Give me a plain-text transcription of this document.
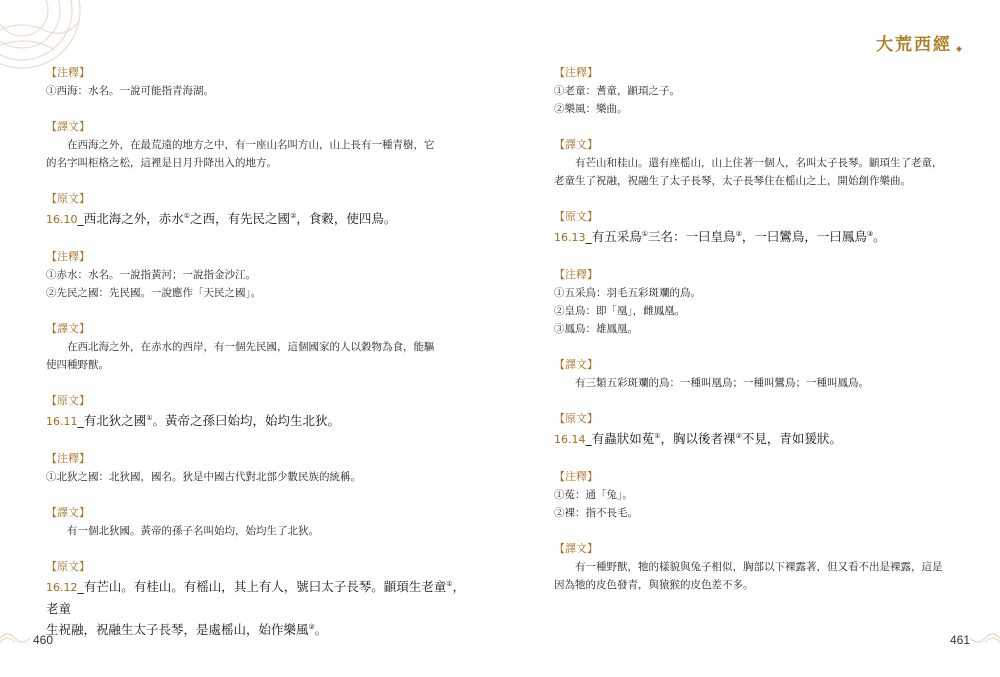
【注釋】
①西海：水名。一說可能指青海湖。
【譯文】
在西海之外，在最荒遠的地方之中，有一座山名叫方山，山上長有一種青樹，它
的名字叫柜格之松，這裡是日月升降出入的地方。
【原文】
16.10_西北海之外，赤水①之西，有先民之國②，食穀，使四鳥。
【注釋】
①赤水：水名。一說指黃河；一說指金沙江。
②先民之國：先民國。一說應作「天民之國」。
【譯文】
在西北海之外，在赤水的西岸，有一個先民國，這個國家的人以穀物為食，能驅
使四種野獸。
【原文】
16.11_有北狄之國①。黃帝之孫曰始均，始均生北狄。
【注釋】
①北狄之國：北狄國，國名。狄是中國古代對北部少數民族的統稱。
【譯文】
有一個北狄國。黃帝的孫子名叫始均，始均生了北狄。
【原文】
16.12_有芒山。有桂山。有榣山，其上有人，號曰太子長琴。顓頊生老童①，老童
生祝融，祝融生太子長琴，是處榣山，始作樂風②。
460
大荒西經
【注釋】
①老童：耆童，顓頊之子。
②樂風：樂曲。
【譯文】
有芒山和桂山。還有座榣山，山上住著一個人，名叫太子長琴。顓頊生了老童，
老童生了祝融，祝融生了太子長琴，太子長琴住在榣山之上，開始創作樂曲。
【原文】
16.13_有五采鳥①三名：一曰皇鳥②，一曰鸞鳥，一曰鳳鳥③。
【注釋】
①五采鳥：羽毛五彩斑斕的鳥。
②皇鳥：即「凰」，雌鳳凰。
③鳳鳥：雄鳳凰。
【譯文】
有三類五彩斑斕的鳥：一種叫凰鳥；一種叫鸞鳥；一種叫鳳鳥。
【原文】
16.14_有蟲狀如菟①，胸以後者裸②不見，青如猨狀。
【注釋】
①菟：通「兔」。
②裸：指不長毛。
【譯文】
有一種野獸，牠的樣貌與兔子相似，胸部以下裸露著，但又看不出是裸露，這是
因為牠的皮色發青，與猿猴的皮色差不多。
461
